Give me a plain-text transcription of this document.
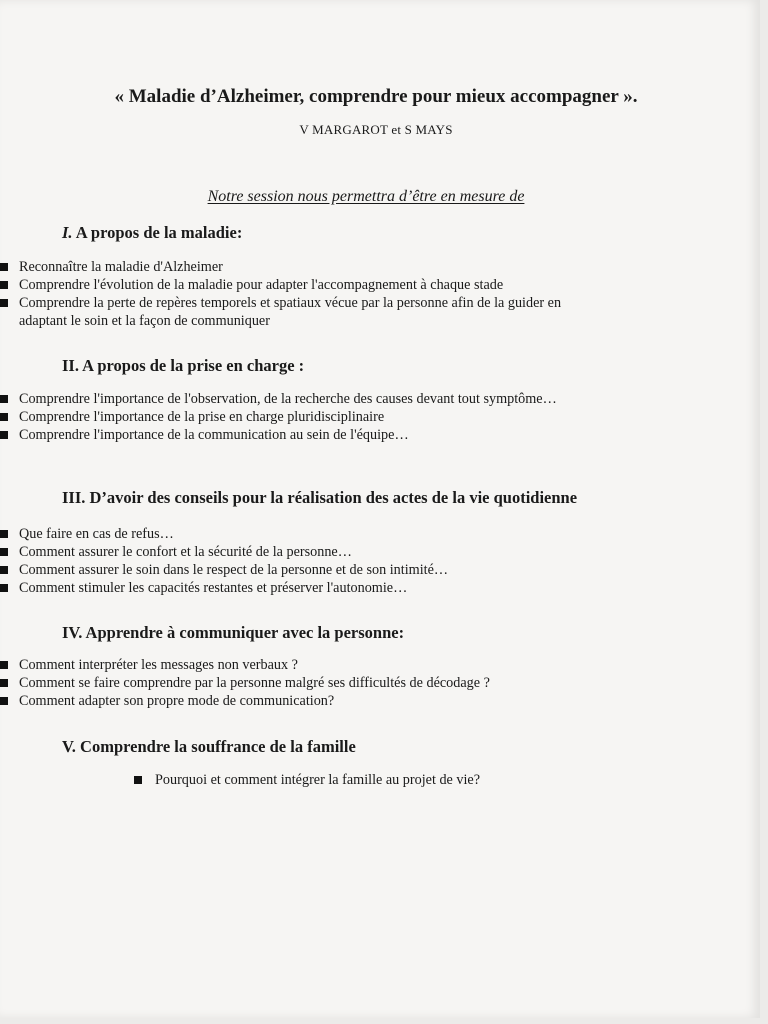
« Maladie d’Alzheimer, comprendre pour mieux accompagner ».
V MARGAROT et S MAYS
Notre session nous permettra d’être en mesure de
I. A propos de la maladie:
Reconnaître la maladie d'Alzheimer
Comprendre l'évolution de la maladie pour adapter l'accompagnement à chaque stade
Comprendre la perte de repères temporels et spatiaux vécue par la personne afin de la guider en adaptant le soin et la façon de communiquer
II. A propos de la prise en charge :
Comprendre l'importance de l'observation, de la recherche des causes devant tout symptôme…
Comprendre l'importance de la prise en charge pluridisciplinaire
Comprendre l'importance de la communication au sein de l'équipe…
III. D’avoir des conseils pour la réalisation des actes de la vie quotidienne
Que faire en cas de refus…
Comment assurer le confort et la sécurité de la personne…
Comment assurer le soin dans le respect de la personne et de son intimité…
Comment stimuler les capacités restantes et préserver l'autonomie…
IV. Apprendre à communiquer avec la personne:
Comment interpréter les messages non verbaux ?
Comment se faire comprendre par la personne malgré ses difficultés de décodage ?
Comment adapter son propre mode de communication?
V. Comprendre la souffrance de la famille
Pourquoi et comment intégrer la famille au projet de vie?
